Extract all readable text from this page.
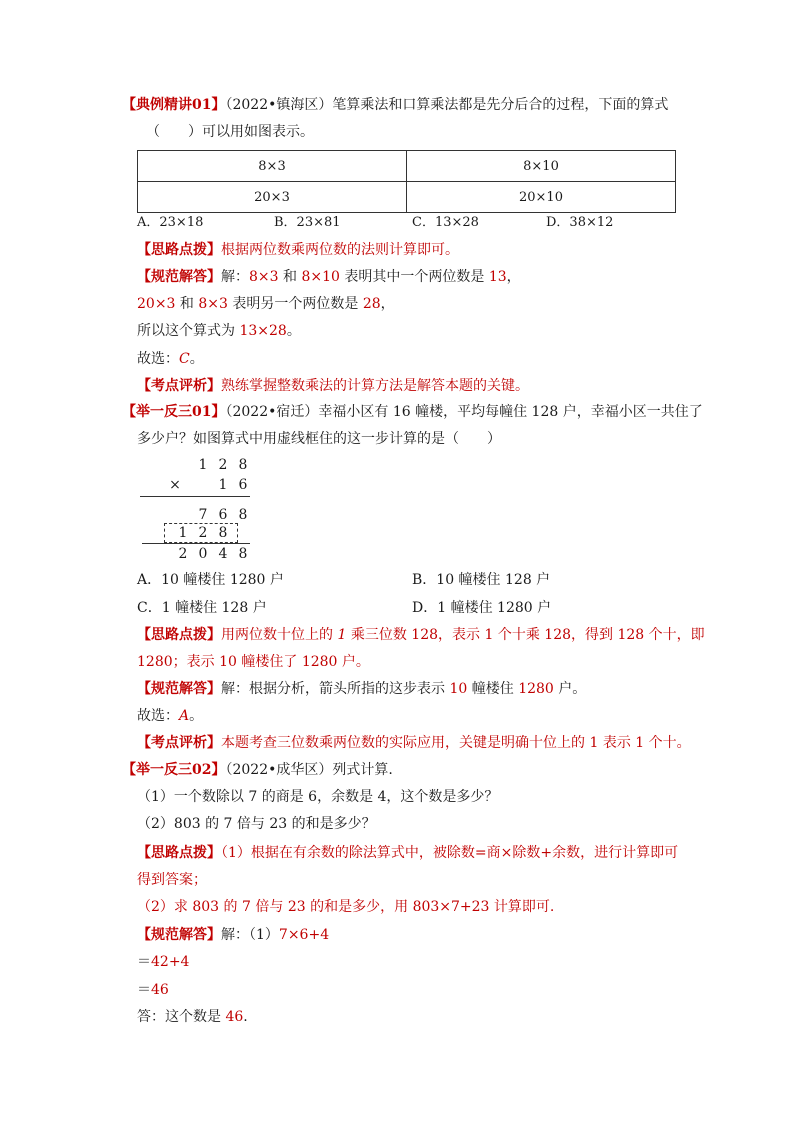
【典例精讲01】（2022•镇海区）笔算乘法和口算乘法都是先分后合的过程，下面的算式
（　　）可以用如图表示。
8×3	8×10
20×3	20×10
A．23×18	B．23×81	C．13×28	D．38×12
【思路点拨】根据两位数乘两位数的法则计算即可。
【规范解答】解：8×3 和 8×10 表明其中一个两位数是 13，
20×3 和 8×3 表明另一个两位数是 28，
所以这个算式为 13×28。
故选：C。
【考点评析】熟练掌握整数乘法的计算方法是解答本题的关键。
【举一反三01】（2022•宿迁）幸福小区有 16 幢楼，平均每幢住 128 户，幸福小区一共住了
多少户？如图算式中用虚线框住的这一步计算的是（　　）
1 2 8
×	1 6
7 6 8
1 2 8
2 0 4 8
A．10 幢楼住 1280 户	B．10 幢楼住 128 户
C．1 幢楼住 128 户	D．1 幢楼住 1280 户
【思路点拨】用两位数十位上的 1 乘三位数 128，表示 1 个十乘 128，得到 128 个十，即
1280；表示 10 幢楼住了 1280 户。
【规范解答】解：根据分析，箭头所指的这步表示 10 幢楼住 1280 户。
故选：A。
【考点评析】本题考查三位数乘两位数的实际应用，关键是明确十位上的 1 表示 1 个十。
【举一反三02】（2022•成华区）列式计算.
（1）一个数除以 7 的商是 6，余数是 4，这个数是多少？
（2）803 的 7 倍与 23 的和是多少？
【思路点拨】（1）根据在有余数的除法算式中，被除数=商×除数+余数，进行计算即可
得到答案；
（2）求 803 的 7 倍与 23 的和是多少，用 803×7+23 计算即可.
【规范解答】解：（1）7×6+4
＝42+4
＝46
答：这个数是 46.
